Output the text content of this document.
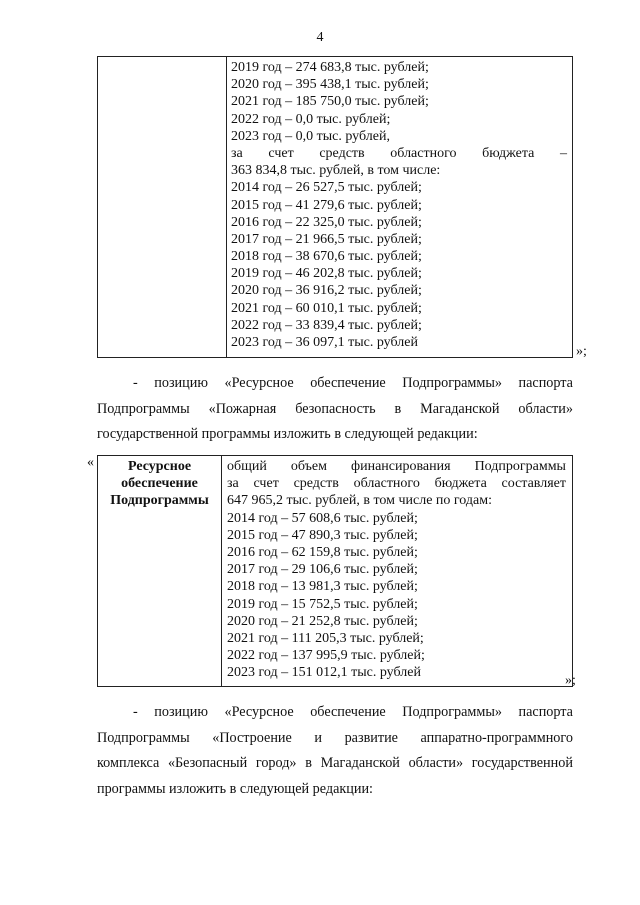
4
2019 год – 274 683,8 тыс. рублей;
2020 год – 395 438,1 тыс. рублей;
2021 год – 185 750,0 тыс. рублей;
2022 год – 0,0 тыс. рублей;
2023 год – 0,0 тыс. рублей,
за счет средств областного бюджета –
363 834,8 тыс. рублей, в том числе:
2014 год – 26 527,5 тыс. рублей;
2015 год – 41 279,6 тыс. рублей;
2016 год – 22 325,0 тыс. рублей;
2017 год – 21 966,5 тыс. рублей;
2018 год – 38 670,6 тыс. рублей;
2019 год – 46 202,8 тыс. рублей;
2020 год – 36 916,2 тыс. рублей;
2021 год – 60 010,1 тыс. рублей;
2022 год – 33 839,4 тыс. рублей;
2023 год – 36 097,1 тыс. рублей
»;
- позицию «Ресурсное обеспечение Подпрограммы» паспорта
Подпрограммы «Пожарная безопасность в Магаданской области»
государственной программы изложить в следующей редакции:
«	Ресурсное
обеспечение
Подпрограммы
общий объем финансирования Подпрограммы
за счет средств областного бюджета составляет
647 965,2 тыс. рублей, в том числе по годам:
2014 год – 57 608,6 тыс. рублей;
2015 год – 47 890,3 тыс. рублей;
2016 год – 62 159,8 тыс. рублей;
2017 год – 29 106,6 тыс. рублей;
2018 год – 13 981,3 тыс. рублей;
2019 год – 15 752,5 тыс. рублей;
2020 год – 21 252,8 тыс. рублей;
2021 год – 111 205,3 тыс. рублей;
2022 год – 137 995,9 тыс. рублей;
2023 год – 151 012,1 тыс. рублей
»;
- позицию «Ресурсное обеспечение Подпрограммы» паспорта
Подпрограммы «Построение и развитие аппаратно-программного
комплекса «Безопасный город» в Магаданской области» государственной
программы изложить в следующей редакции:
